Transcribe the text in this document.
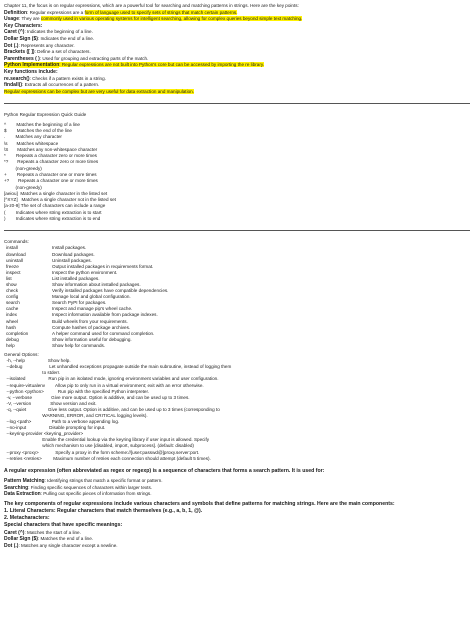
Chapter 11, the focus is on regular expressions, which are a powerful tool for searching and matching patterns in strings. Here are the key points:
Definition: Regular expressions are a form of language used to specify sets of strings that match certain patterns.
Usage: They are commonly used in various operating systems for intelligent searching, allowing for complex queries beyond simple text matching.
Key Characters:
Caret (^): Indicates the beginning of a line.
Dollar Sign ($): Indicates the end of a line.
Dot (.): Represents any character.
Brackets ([ ]): Define a set of characters.
Parentheses ( ): Used for grouping and extracting parts of the match.
Python Implementation: Regular expressions are not built into Python's core but can be accessed by importing the re library.
Key functions include:
re.search(): Checks if a pattern exists in a string.
findall(): Extracts all occurrences of a pattern.
Regular expressions can be complex but are very useful for data extraction and manipulation.
Python Regular Expression Quick Guide
^        Matches the beginning of a line
$        Matches the end of the line
.        Matches any character
\s       Matches whitespace
\S       Matches any non-whitespace character
*        Repeats a character zero or more times
*?       Repeats a character zero or more times
(non-greedy)
+        Repeats a character one or more times
+?       Repeats a character one or more times
(non-greedy)
[aeiou]  Matches a single character in the listed set
[^XYZ]   Matches a single character not in the listed set
[a-z0-9] The set of characters can include a range
(        Indicates where string extraction is to start
)        Indicates where string extraction is to end
Commands:
install	Install packages.
download	Download packages.
uninstall	Uninstall packages.
freeze	Output installed packages in requirements format.
inspect	Inspect the python environment.
list	List installed packages.
show	Show information about installed packages.
check	Verify installed packages have compatible dependencies.
config	Manage local and global configuration.
search	Search PyPI for packages.
cache	Inspect and manage pip's wheel cache.
index	Inspect information available from package indexes.
wheel	Build wheels from your requirements.
hash	Compute hashes of package archives.
completion	A helper command used for command completion.
debug	Show information useful for debugging.
help	Show help for commands.
General Options:
-h, --help                  Show help.
--debug                     Let unhandled exceptions propagate outside the main subroutine, instead of logging them
to stderr.
--isolated                  Run pip in an isolated mode, ignoring environment variables and user configuration.
--require-virtualenv        Allow pip to only run in a virtual environment; exit with an error otherwise.
--python <python>           Run pip with the specified Python interpreter.
-v, --verbose               Give more output. Option is additive, and can be used up to 3 times.
-V, --version               Show version and exit.
-q, --quiet                 Give less output. Option is additive, and can be used up to 3 times (corresponding to
WARNING, ERROR, and CRITICAL logging levels).
--log <path>                Path to a verbose appending log.
--no-input                  Disable prompting for input.
--keyring-provider <keyring_provider>
Enable the credential lookup via the keyring library if user input is allowed. Specify
which mechanism to use [disabled, import, subprocess]. (default: disabled)
--proxy <proxy>             Specify a proxy in the form scheme://[user:passwd@]proxy.server:port.
--retries <retries>         Maximum number of retries each connection should attempt (default 5 times).
A regular expression (often abbreviated as regex or regexp) is a sequence of characters that forms a search pattern. It is used for:
Pattern Matching: Identifying strings that match a specific format or pattern.
Searching: Finding specific sequences of characters within larger texts.
Data Extraction: Pulling out specific pieces of information from strings.
The key components of regular expressions include various characters and symbols that define patterns for matching strings. Here are the main components:
1. Literal Characters: Regular characters that match themselves (e.g., a, b, 1, @).
2. Metacharacters:
Special characters that have specific meanings:
Caret (^): Matches the start of a line.
Dollar Sign ($): Matches the end of a line.
Dot (.): Matches any single character except a newline.
